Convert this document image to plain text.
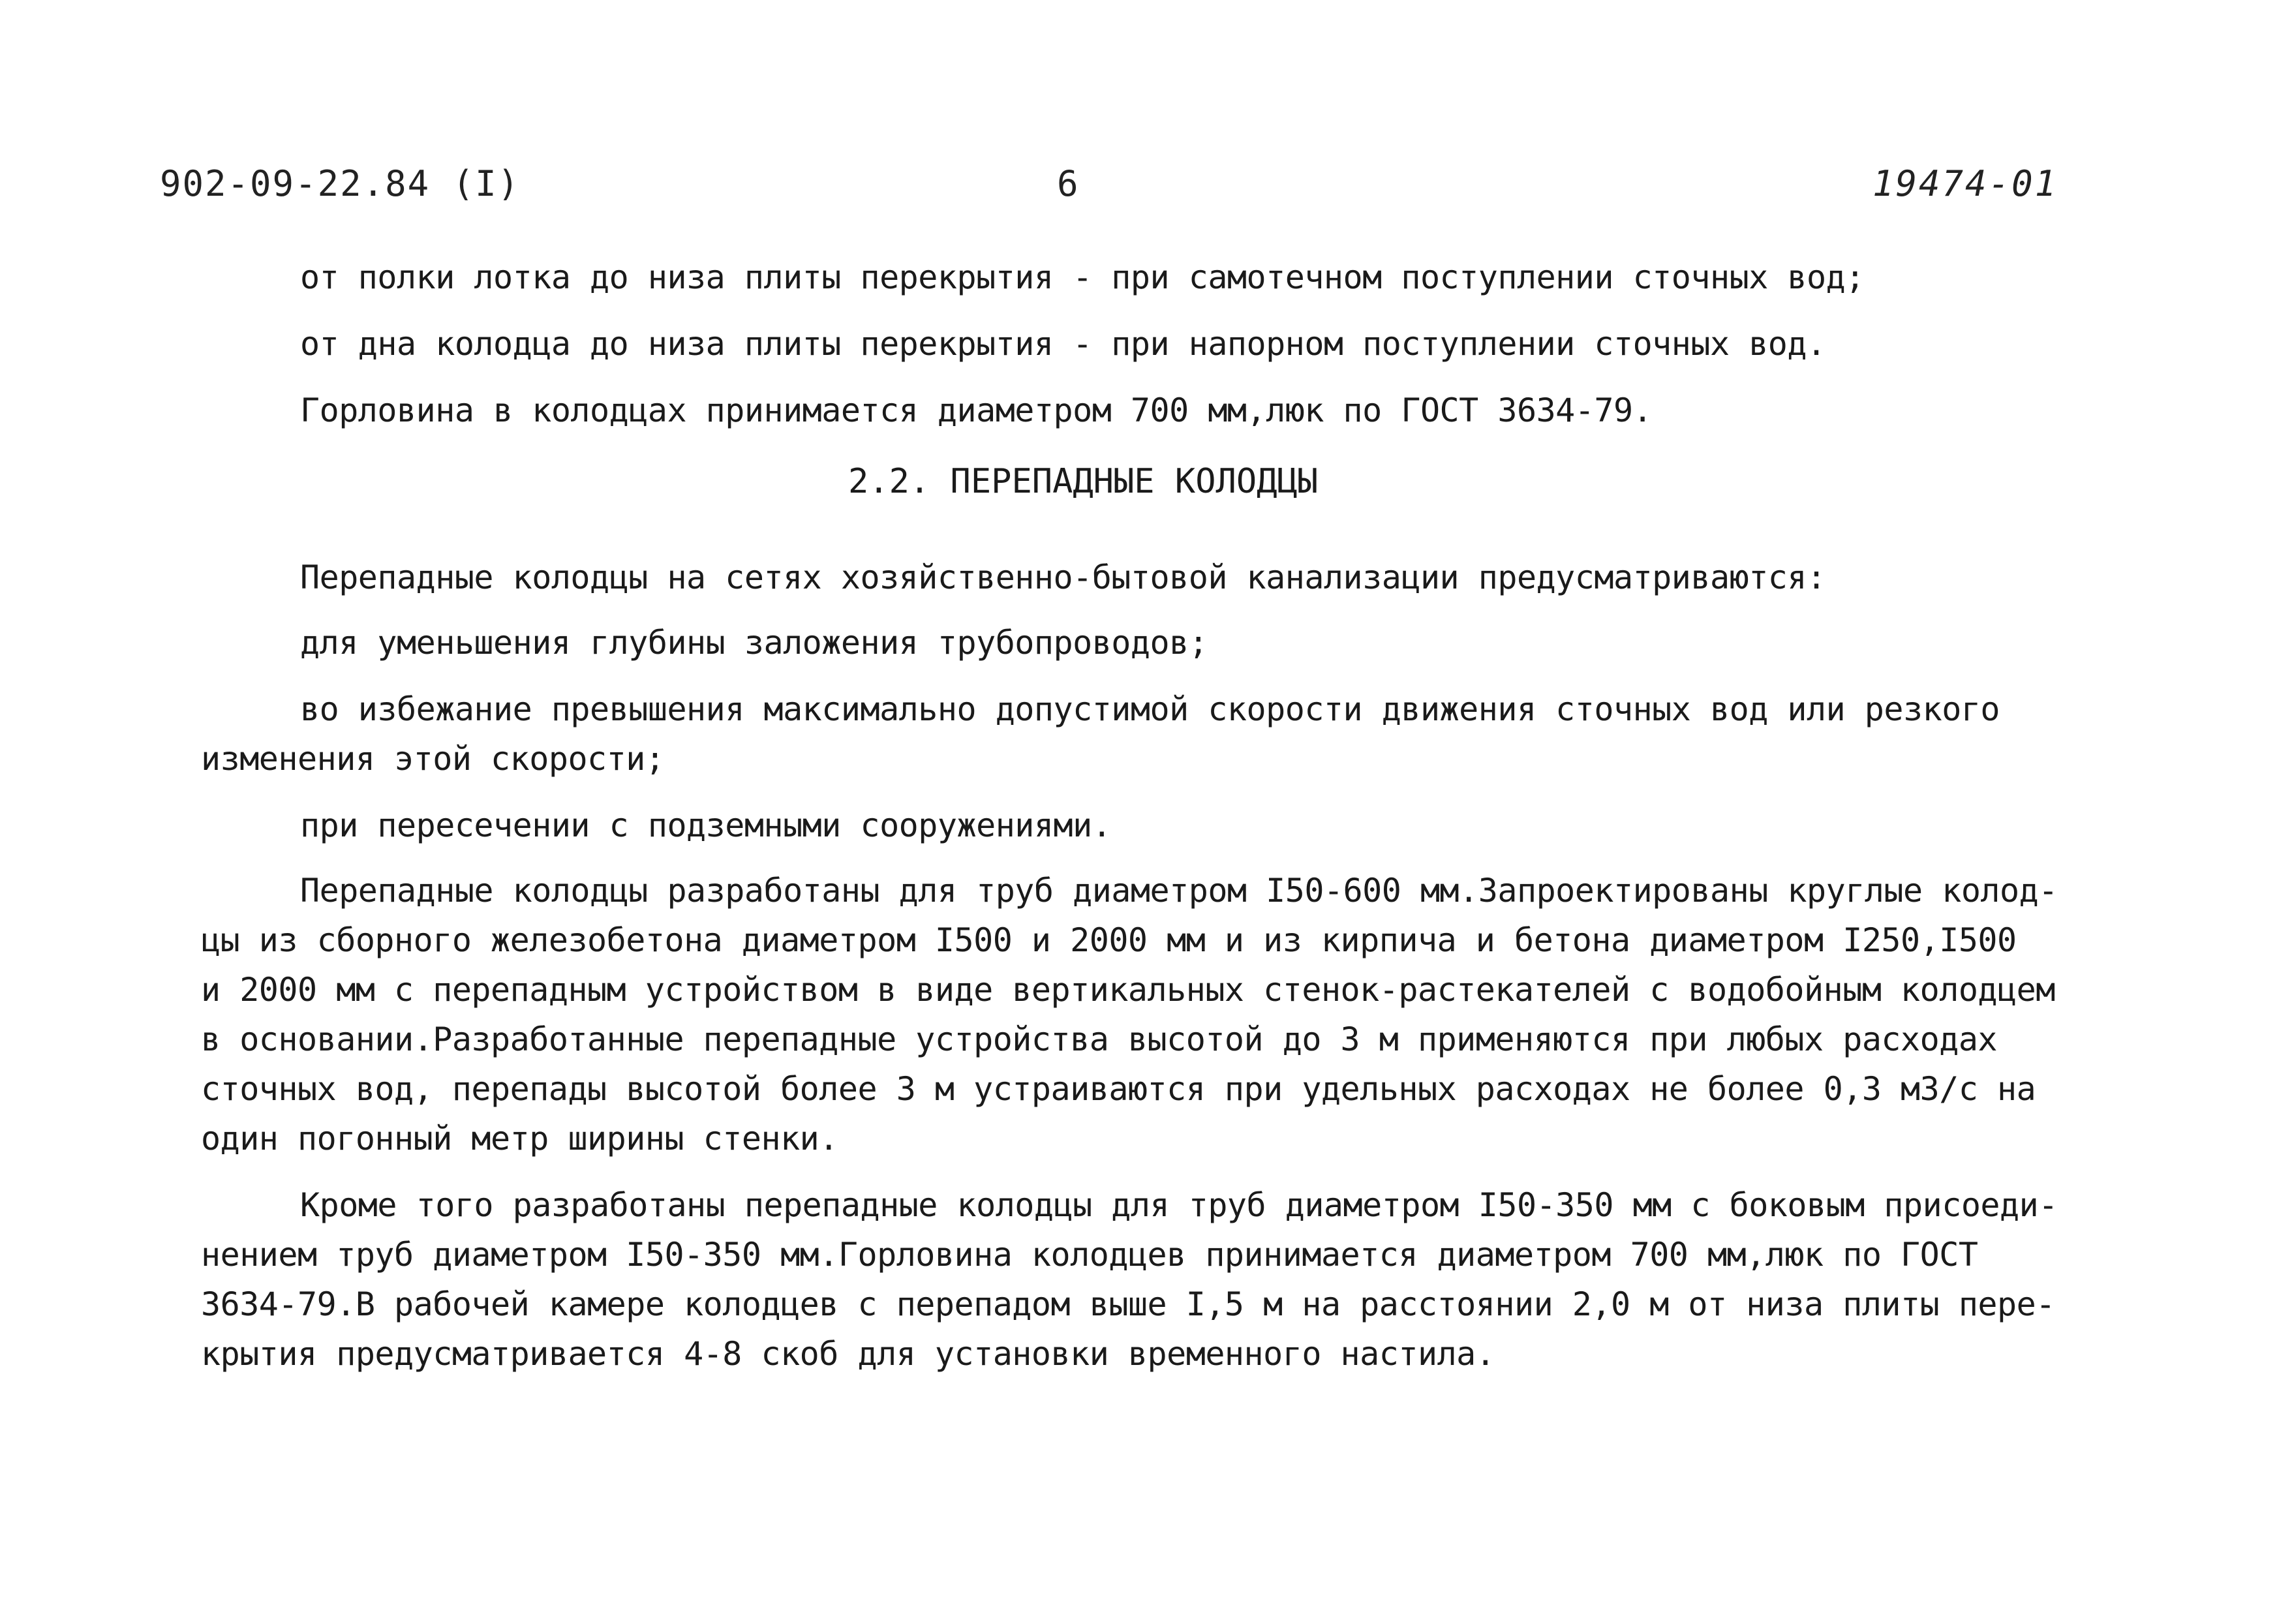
902-09-22.84 (I)	6	19474-01
от полки лотка до низа плиты перекрытия - при самотечном поступлении сточных вод;
от дна колодца до низа плиты перекрытия - при напорном поступлении сточных вод.
Горловина в колодцах принимается диаметром 700 мм,люк по ГОСТ 3634-79.
2.2. ПЕРЕПАДНЫЕ КОЛОДЦЫ
Перепадные колодцы на сетях хозяйственно-бытовой канализации предусматриваются:
для уменьшения глубины заложения трубопроводов;
во избежание превышения максимально допустимой скорости движения сточных вод или резкого
изменения этой скорости;
при пересечении с подземными сооружениями.
Перепадные колодцы разработаны для труб диаметром I50-600 мм.Запроектированы круглые колод-
цы из сборного железобетона диаметром I500 и 2000 мм и из кирпича и бетона диаметром I250,I500
и 2000 мм с перепадным устройством в виде вертикальных стенок-растекателей с водобойным колодцем
в основании.Разработанные перепадные устройства высотой до 3 м применяются при любых расходах
сточных вод, перепады высотой более 3 м устраиваются при удельных расходах не более 0,3 м3/с на
один погонный метр ширины стенки.
Кроме того разработаны перепадные колодцы для труб диаметром I50-350 мм с боковым присоеди-
нением труб диаметром I50-350 мм.Горловина колодцев принимается диаметром 700 мм,люк по ГОСТ
3634-79.В рабочей камере колодцев с перепадом выше I,5 м на расстоянии 2,0 м от низа плиты пере-
крытия предусматривается 4-8 скоб для установки временного настила.
